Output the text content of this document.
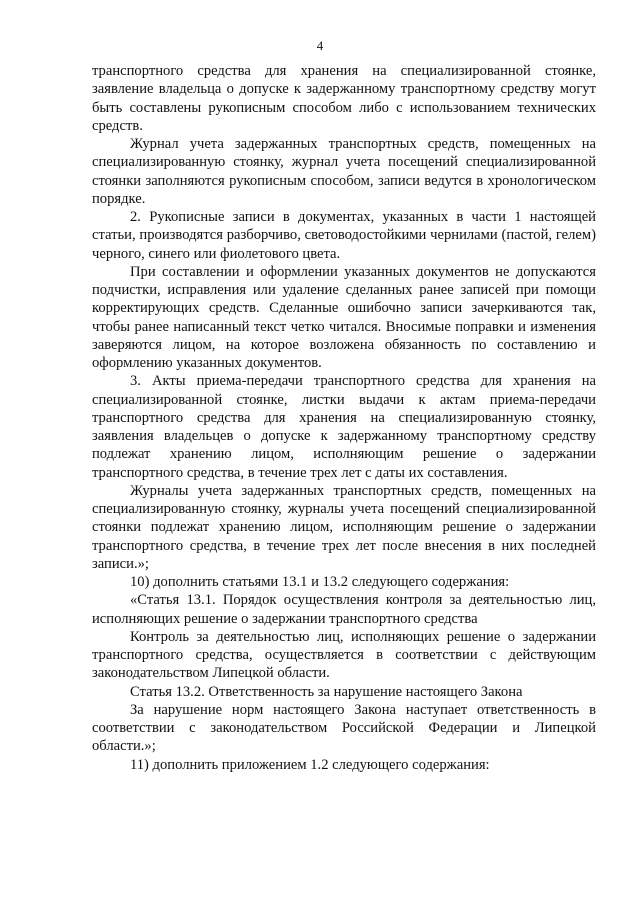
4

транспортного средства для хранения на специализированной стоянке, заявление владельца о допуске к задержанному транспортному средству могут быть составлены рукописным способом либо с использованием технических средств.

Журнал учета задержанных транспортных средств, помещенных на специализированную стоянку, журнал учета посещений специализированной стоянки заполняются рукописным способом, записи ведутся в хронологическом порядке.

2. Рукописные записи в документах, указанных в части 1 настоящей статьи, производятся разборчиво, световодостойкими чернилами (пастой, гелем) черного, синего или фиолетового цвета.

При составлении и оформлении указанных документов не допускаются подчистки, исправления или удаление сделанных ранее записей при помощи корректирующих средств. Сделанные ошибочно записи зачеркиваются так, чтобы ранее написанный текст четко читался. Вносимые поправки и изменения заверяются лицом, на которое возложена обязанность по составлению и оформлению указанных документов.

3. Акты приема-передачи транспортного средства для хранения на специализированной стоянке, листки выдачи к актам приема-передачи транспортного средства для хранения на специализированную стоянку, заявления владельцев о допуске к задержанному транспортному средству подлежат хранению лицом, исполняющим решение о задержании транспортного средства, в течение трех лет с даты их составления.

Журналы учета задержанных транспортных средств, помещенных на специализированную стоянку, журналы учета посещений специализированной стоянки подлежат хранению лицом, исполняющим решение о задержании транспортного средства, в течение трех лет после внесения в них последней записи.»;

10) дополнить статьями 13.1 и 13.2 следующего содержания:

«Статья 13.1. Порядок осуществления контроля за деятельностью лиц, исполняющих решение о задержании транспортного средства

Контроль за деятельностью лиц, исполняющих решение о задержании транспортного средства, осуществляется в соответствии с действующим законодательством Липецкой области.

Статья 13.2. Ответственность за нарушение настоящего Закона

За нарушение норм настоящего Закона наступает ответственность в соответствии с законодательством Российской Федерации и Липецкой области.»;

11) дополнить приложением 1.2 следующего содержания:
